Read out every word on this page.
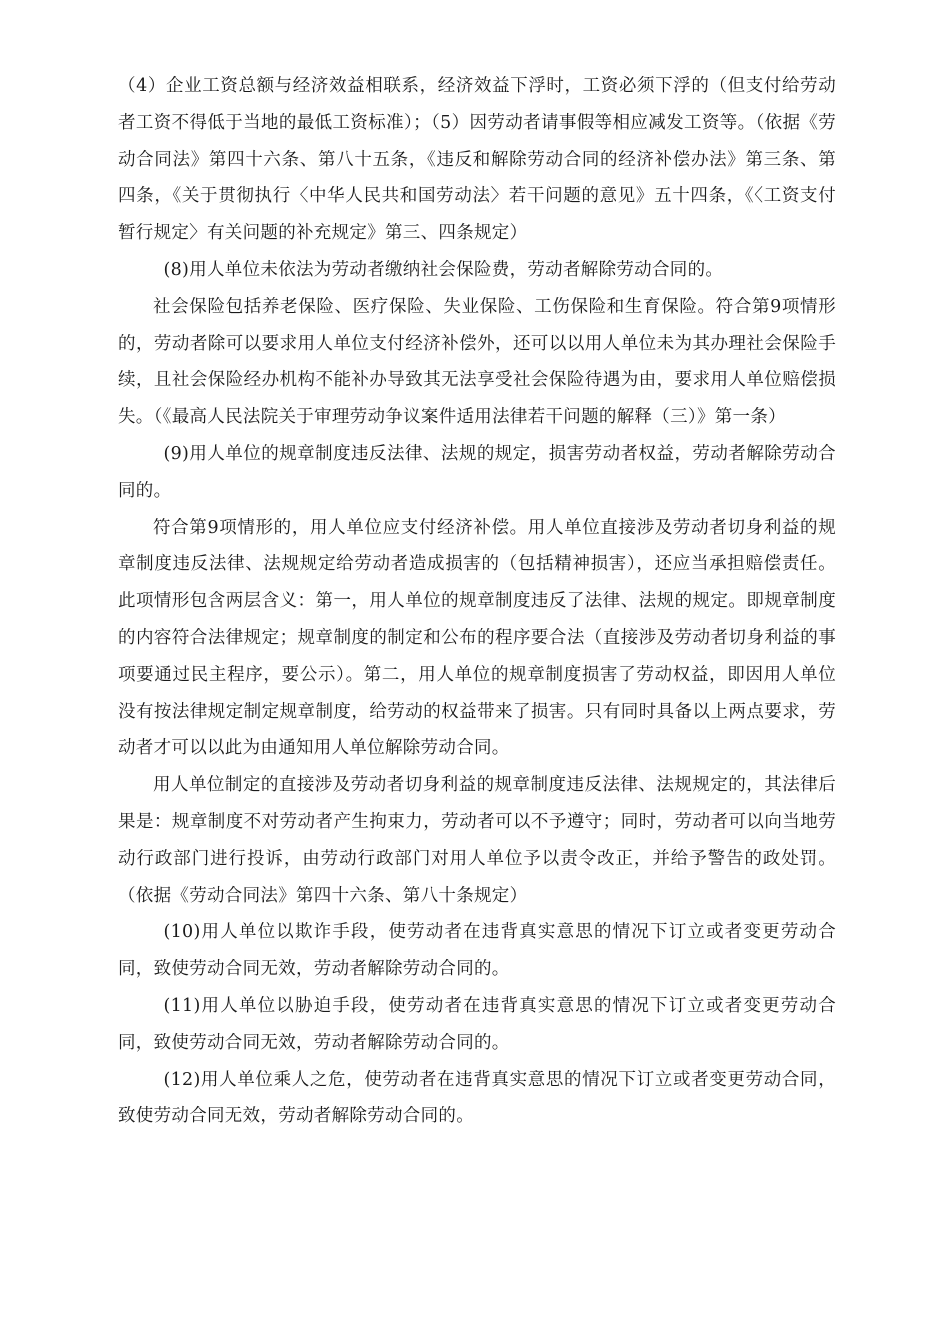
（4）企业工资总额与经济效益相联系，经济效益下浮时，工资必须下浮的（但支付给劳动者工资不得低于当地的最低工资标准）；（5）因劳动者请事假等相应减发工资等。（依据《劳动合同法》第四十六条、第八十五条，《违反和解除劳动合同的经济补偿办法》第三条、第四条，《关于贯彻执行〈中华人民共和国劳动法〉若干问题的意见》五十四条，《〈工资支付暂行规定〉有关问题的补充规定》第三、四条规定）

(8)用人单位未依法为劳动者缴纳社会保险费，劳动者解除劳动合同的。

社会保险包括养老保险、医疗保险、失业保险、工伤保险和生育保险。符合第9项情形的，劳动者除可以要求用人单位支付经济补偿外，还可以以用人单位未为其办理社会保险手续，且社会保险经办机构不能补办导致其无法享受社会保险待遇为由，要求用人单位赔偿损失。（《最高人民法院关于审理劳动争议案件适用法律若干问题的解释（三）》第一条）

(9)用人单位的规章制度违反法律、法规的规定，损害劳动者权益，劳动者解除劳动合同的。

符合第9项情形的，用人单位应支付经济补偿。用人单位直接涉及劳动者切身利益的规章制度违反法律、法规规定给劳动者造成损害的（包括精神损害），还应当承担赔偿责任。此项情形包含两层含义：第一，用人单位的规章制度违反了法律、法规的规定。即规章制度的内容符合法律规定；规章制度的制定和公布的程序要合法（直接涉及劳动者切身利益的事项要通过民主程序，要公示）。第二，用人单位的规章制度损害了劳动权益，即因用人单位没有按法律规定制定规章制度，给劳动的权益带来了损害。只有同时具备以上两点要求，劳动者才可以以此为由通知用人单位解除劳动合同。

用人单位制定的直接涉及劳动者切身利益的规章制度违反法律、法规规定的，其法律后果是：规章制度不对劳动者产生拘束力，劳动者可以不予遵守；同时，劳动者可以向当地劳动行政部门进行投诉，由劳动行政部门对用人单位予以责令改正，并给予警告的政处罚。（依据《劳动合同法》第四十六条、第八十条规定）

(10)用人单位以欺诈手段，使劳动者在违背真实意思的情况下订立或者变更劳动合同，致使劳动合同无效，劳动者解除劳动合同的。

(11)用人单位以胁迫手段，使劳动者在违背真实意思的情况下订立或者变更劳动合同，致使劳动合同无效，劳动者解除劳动合同的。

(12)用人单位乘人之危，使劳动者在违背真实意思的情况下订立或者变更劳动合同，致使劳动合同无效，劳动者解除劳动合同的。
